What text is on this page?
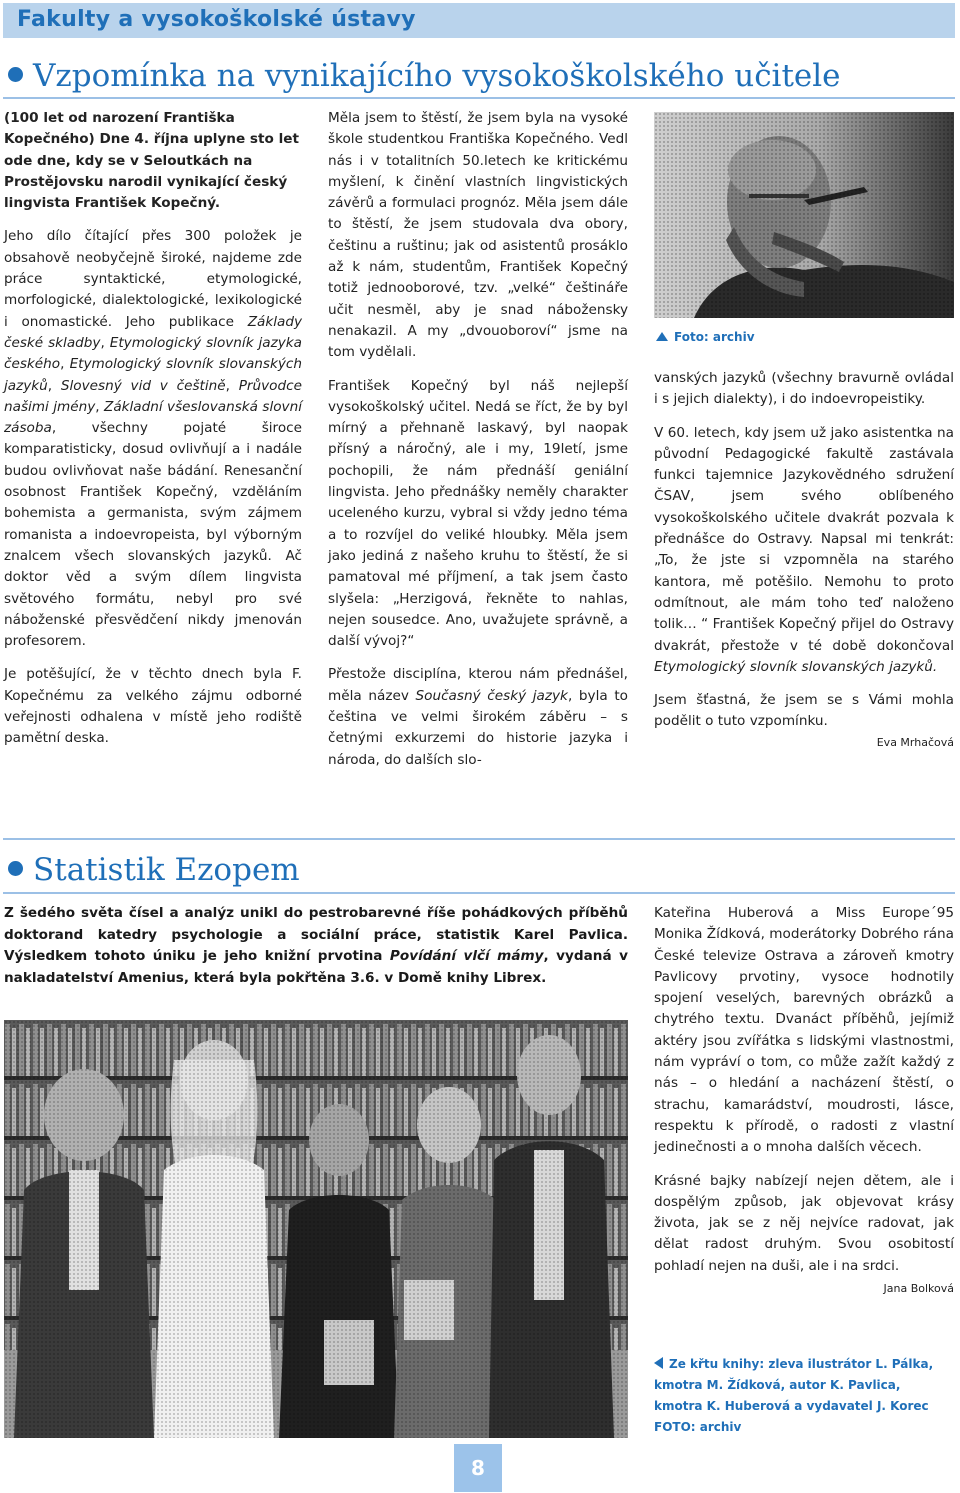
Fakulty a vysokoškolské ústavy
Vzpomínka na vynikajícího vysokoškolského učitele

(100 let od narození Františka Kopečného) Dne 4. října uplyne sto let ode dne, kdy se v Seloutkách na Prostějovsku narodil vynikající český lingvista František Kopečný.

Jeho dílo čítající přes 300 položek je obsahově neobyčejně široké, najdeme zde práce syntaktické, etymologické, morfologické, dialektologické, lexikologické i onomastické. Jeho publikace Základy české skladby, Etymologický slovník jazyka českého, Etymologický slovník slovanských jazyků, Slovesný vid v češtině, Průvodce našimi jmény, Základní všeslovanská slovní zásoba, všechny pojaté široce komparatisticky, dosud ovlivňují a i nadále budou ovlivňovat naše bádání. Renesanční osobnost František Kopečný, vzděláním bohemista a germanista, svým zájmem romanista a indoevropeista, byl výborným znalcem všech slovanských jazyků. Ač doktor věd a svým dílem lingvista světového formátu, nebyl pro své náboženské přesvědčení nikdy jmenován profesorem.

Je potěšující, že v těchto dnech byla F. Kopečnému za velkého zájmu odborné veřejnosti odhalena v místě jeho rodiště pamětní deska.

Měla jsem to štěstí, že jsem byla na vysoké škole studentkou Františka Kopečného. Vedl nás i v totalitních 50.letech ke kritickému myšlení, k činění vlastních lingvistických závěrů a formulaci prognóz. Měla jsem dále to štěstí, že jsem studovala dva obory, češtinu a ruštinu; jak od asistentů prosáklo až k nám, studentům, František Kopečný totiž jednooborové, tzv. „velké“ češtináře učit nesměl, aby je snad nábožensky nenakazil. A my „dvouoboroví“ jsme na tom vydělali.

František Kopečný byl náš nejlepší vysokoškolský učitel. Nedá se říct, že by byl mírný a přehnaně laskavý, byl naopak přísný a náročný, ale i my, 19letí, jsme pochopili, že nám přednáší geniální lingvista. Jeho přednášky neměly charakter uceleného kurzu, vybral si vždy jedno téma a to rozvíjel do veliké hloubky. Měla jsem jako jediná z našeho kruhu to štěstí, že si pamatoval mé příjmení, a tak jsem často slyšela: „Herzigová, řekněte to nahlas, nejen sousedce. Ano, uvažujete správně, a další vývoj?“

Přestože disciplína, kterou nám přednášel, měla název Současný český jazyk, byla to čeština ve velmi širokém záběru – s četnými exkurzemi do historie jazyka i národa, do dalších slo-

Foto: archiv

vanských jazyků (všechny bravurně ovládal i s jejich dialekty), i do indoevropeistiky.

V 60. letech, kdy jsem už jako asistentka na původní Pedagogické fakultě zastávala funkci tajemnice Jazykovědného sdružení ČSAV, jsem svého oblíbeného vysokoškolského učitele dvakrát pozvala k přednášce do Ostravy. Napsal mi tenkrát: „To, že jste si vzpomněla na starého kantora, mě potěšilo. Nemohu to proto odmítnout, ale mám toho teď naloženo tolik… “ František Kopečný přijel do Ostravy dvakrát, přestože v té době dokončoval Etymologický slovník slovanských jazyků.

Jsem šťastná, že jsem se s Vámi mohla podělit o tuto vzpomínku.

Eva Mrhačová
Statistik Ezopem
Z šedého světa čísel a analýz unikl do pestrobarevné říše pohádkových příběhů doktorand katedry psychologie a sociální práce, statistik Karel Pavlica. Výsledkem tohoto úniku je jeho knižní prvotina Povídání vlčí mámy, vydaná v nakladatelství Amenius, která byla pokřtěna 3.6. v Domě knihy Librex.

Kateřina Huberová a Miss Europe´95 Monika Žídková, moderátorky Dobrého rána České televize Ostrava a zároveň kmotry Pavlicovy prvotiny, vysoce hodnotily spojení veselých, barevných obrázků a chytrého textu. Dvanáct příběhů, jejímiž aktéry jsou zvířátka s lidskými vlastnostmi, nám vypráví o tom, co může zažít každý z nás – o hledání a nacházení štěstí, o strachu, kamarádství, moudrosti, lásce, respektu k přírodě, o radosti z vlastní jedinečnosti a o mnoha dalších věcech.

Krásné bajky nabízejí nejen dětem, ale i dospělým způsob, jak objevovat krásy života, jak se z něj nejvíce radovat, jak dělat radost druhým. Svou osobitostí pohladí nejen na duši, ale i na srdci.
Jana Bolková

Ze křtu knihy: zleva ilustrátor L. Pálka,
kmotra M. Žídková, autor K. Pavlica,
kmotra K. Huberová a vydavatel J. Korec
FOTO: archiv
8
